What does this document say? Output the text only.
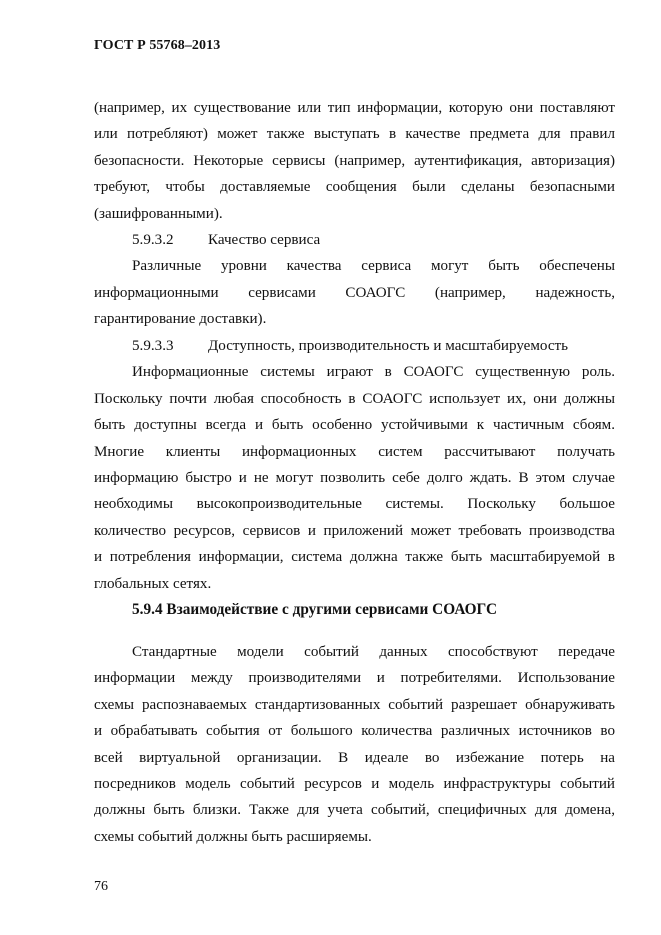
ГОСТ Р 55768–2013
(например, их существование или тип информации, которую они поставляют
или потребляют) может также выступать в качестве предмета для правил
безопасности. Некоторые сервисы (например, аутентификация, авторизация)
требуют, чтобы доставляемые сообщения были сделаны безопасными
(зашифрованными).
5.9.3.2 Качество сервиса
Различные уровни качества сервиса могут быть обеспечены
информационными сервисами СОАОГС (например, надежность,
гарантирование доставки).
5.9.3.3 Доступность, производительность и масштабируемость
Информационные системы играют в СОАОГС существенную роль.
Поскольку почти любая способность в СОАОГС использует их, они должны
быть доступны всегда и быть особенно устойчивыми к частичным сбоям.
Многие клиенты информационных систем рассчитывают получать
информацию быстро и не могут позволить себе долго ждать. В этом случае
необходимы высокопроизводительные системы. Поскольку большое
количество ресурсов, сервисов и приложений может требовать производства
и потребления информации, система должна также быть масштабируемой в
глобальных сетях.
5.9.4 Взаимодействие с другими сервисами СОАОГС
Стандартные модели событий данных способствуют передаче
информации между производителями и потребителями. Использование
схемы распознаваемых стандартизованных событий разрешает обнаруживать
и обрабатывать события от большого количества различных источников во
всей виртуальной организации. В идеале во избежание потерь на
посредников модель событий ресурсов и модель инфраструктуры событий
должны быть близки. Также для учета событий, специфичных для домена,
схемы событий должны быть расширяемы.
76
